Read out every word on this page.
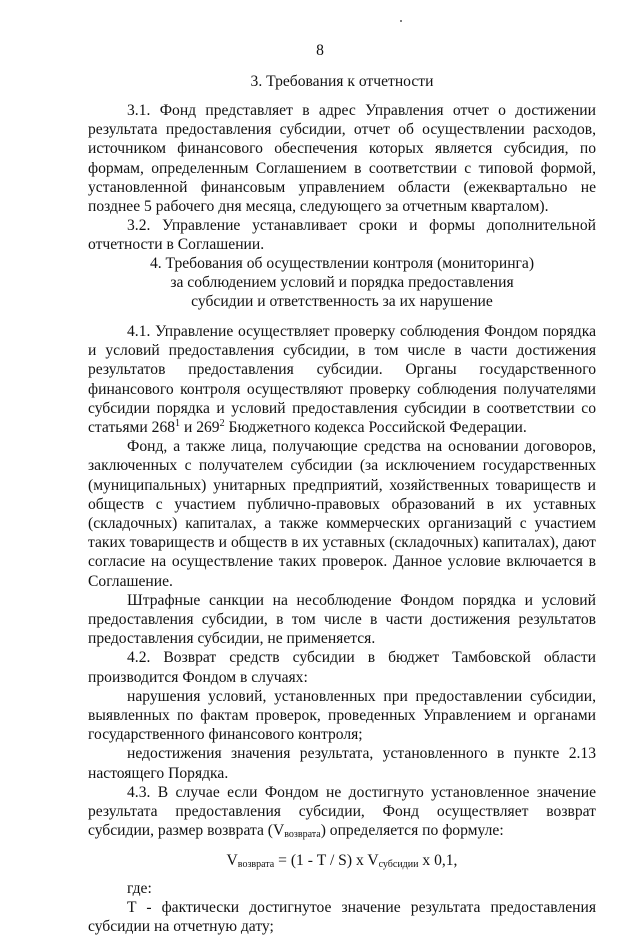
8

3. Требования к отчетности

3.1. Фонд представляет в адрес Управления отчет о достижении результата предоставления субсидии, отчет об осуществлении расходов, источником финансового обеспечения которых является субсидия, по формам, определенным Соглашением в соответствии с типовой формой, установленной финансовым управлением области (ежеквартально не позднее 5 рабочего дня месяца, следующего за отчетным кварталом).

3.2. Управление устанавливает сроки и формы дополнительной отчетности в Соглашении.

4. Требования об осуществлении контроля (мониторинга)

за соблюдением условий и порядка предоставления

субсидии и ответственность за их нарушение

4.1. Управление осуществляет проверку соблюдения Фондом порядка и условий предоставления субсидии, в том числе в части достижения результатов предоставления субсидии. Органы государственного финансового контроля осуществляют проверку соблюдения получателями субсидии порядка и условий предоставления субсидии в соответствии со статьями $268^1$ и $269^2$ Бюджетного кодекса Российской Федерации.

Фонд, а также лица, получающие средства на основании договоров, заключенных с получателем субсидии (за исключением государственных (муниципальных) унитарных предприятий, хозяйственных товариществ и обществ с участием публично-правовых образований в их уставных (складочных) капиталах, а также коммерческих организаций с участием таких товариществ и обществ в их уставных (складочных) капиталах), дают согласие на осуществление таких проверок. Данное условие включается в Соглашение.

Штрафные санкции на несоблюдение Фондом порядка и условий предоставления субсидии, в том числе в части достижения результатов предоставления субсидии, не применяется.

4.2. Возврат средств субсидии в бюджет Тамбовской области производится Фондом в случаях:

нарушения условий, установленных при предоставлении субсидии, выявленных по фактам проверок, проведенных Управлением и органами государственного финансового контроля;

недостижения значения результата, установленного в пункте 2.13 настоящего Порядка.

4.3. В случае если Фондом не достигнуто установленное значение результата предоставления субсидии, Фонд осуществляет возврат субсидии, размер возврата $(V_{возврата})$ определяется по формуле:

$V_{возврата} = (1 - T / S)$ x $V_{субсидии}$ x 0,1,

где:

T - фактически достигнутое значение результата предоставления субсидии на отчетную дату;
